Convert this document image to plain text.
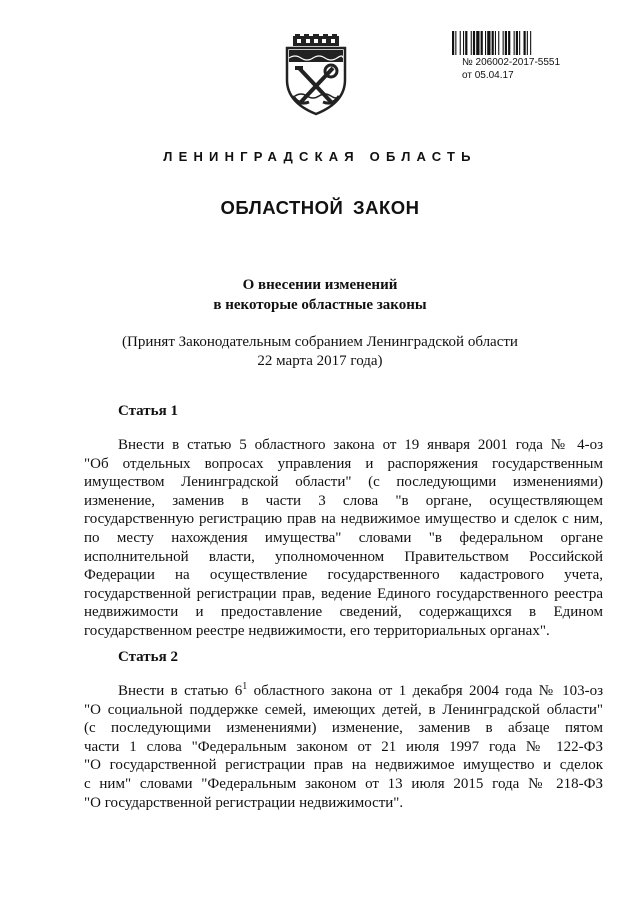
№ 206002-2017-5551
от 05.04.17
ЛЕНИНГРАДСКАЯ ОБЛАСТЬ
ОБЛАСТНОЙ ЗАКОН
О внесении изменений
в некоторые областные законы
(Принят Законодательным собранием Ленинградской области
22 марта 2017 года)
Статья 1
Внести в статью 5 областного закона от 19 января 2001 года № 4-оз
"Об отдельных вопросах управления и распоряжения государственным
имуществом Ленинградской области" (с последующими изменениями)
изменение, заменив в части 3 слова "в органе, осуществляющем
государственную регистрацию прав на недвижимое имущество и сделок с ним,
по месту нахождения имущества" словами "в федеральном органе
исполнительной власти, уполномоченном Правительством Российской
Федерации на осуществление государственного кадастрового учета,
государственной регистрации прав, ведение Единого государственного реестра
недвижимости и предоставление сведений, содержащихся в Едином
государственном реестре недвижимости, его территориальных органах".
Статья 2
Внести в статью $6^1$ областного закона от 1 декабря 2004 года № 103-оз
"О социальной поддержке семей, имеющих детей, в Ленинградской области"
(с последующими изменениями) изменение, заменив в абзаце пятом
части 1 слова "Федеральным законом от 21 июля 1997 года № 122-ФЗ
"О государственной регистрации прав на недвижимое имущество и сделок
с ним" словами "Федеральным законом от 13 июля 2015 года № 218-ФЗ
"О государственной регистрации недвижимости".
